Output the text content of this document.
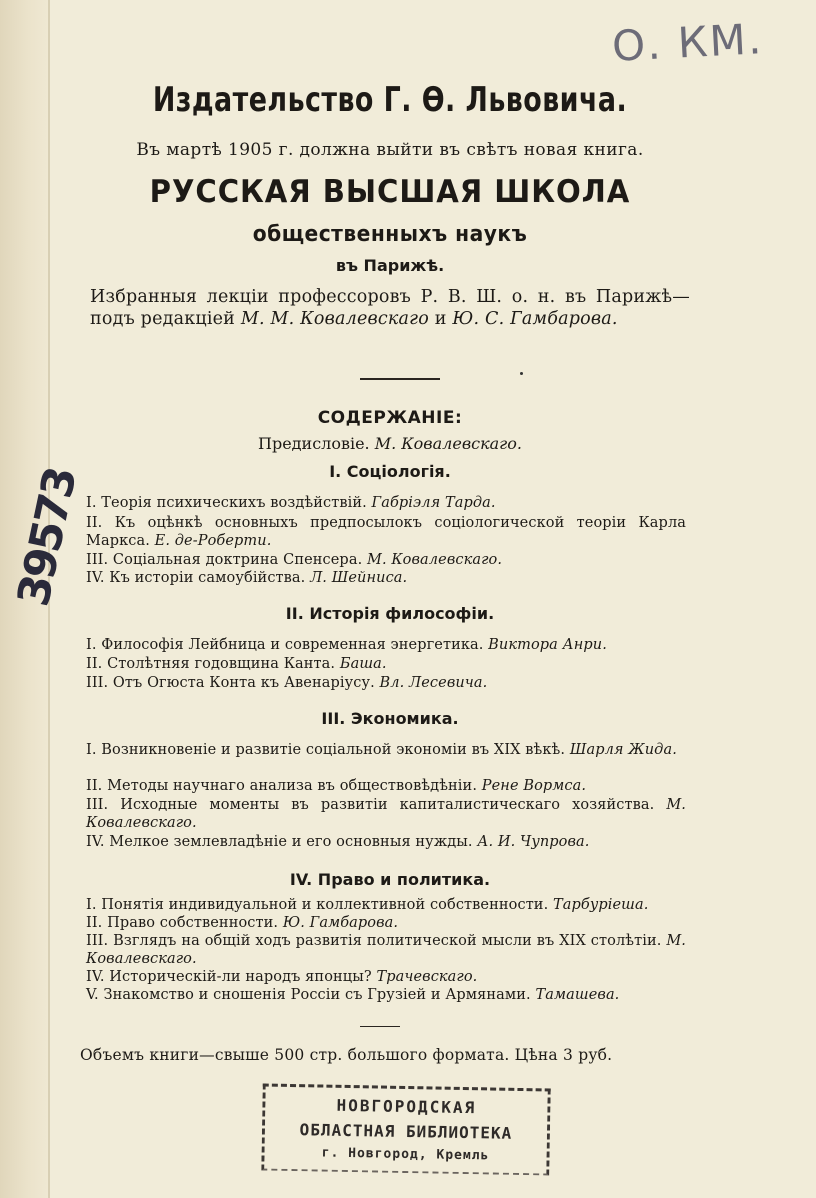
О. КМ.
39573
Издательство Г. Ѳ. Львовича.
Въ мартѣ 1905 г. должна выйти въ свѣтъ новая книга.
РУССКАЯ ВЫСШАЯ ШКОЛА
общественныхъ наукъ
въ Парижѣ.
Избранныя лекціи профессоровъ Р. В. Ш. о. н. въ Парижѣ—подъ редакціей М. М. Ковалевскаго и Ю. С. Гамбарова.
СОДЕРЖАНІЕ:
Предисловіе. М. Ковалевскаго.
I. Соціологія.
I. Теорія психическихъ воздѣйствій. Габріэля Тарда.
II. Къ оцѣнкѣ основныхъ предпосылокъ соціологической теоріи Карла Маркса. Е. де-Роберти.
III. Соціальная доктрина Спенсера. М. Ковалевскаго.
IV. Къ исторіи самоубійства. Л. Шейниса.
II. Исторія философіи.
I. Философія Лейбница и современная энергетика. Виктора Анри.
II. Столѣтняя годовщина Канта. Баша.
III. Отъ Огюста Конта къ Авенаріусу. Вл. Лесевича.
III. Экономика.
I. Возникновеніе и развитіе соціальной экономіи въ XIX вѣкѣ. Шарля Жида.
II. Методы научнаго анализа въ обществовѣдѣніи. Рене Вормса.
III. Исходные моменты въ развитіи капиталистическаго хозяйства. М. Ковалевскаго.
IV. Мелкое землевладѣніе и его основныя нужды. А. И. Чупрова.
IV. Право и политика.
I. Понятія индивидуальной и коллективной собственности. Тарбуріеша.
II. Право собственности. Ю. Гамбарова.
III. Взглядъ на общій ходъ развитія политической мысли въ XIX столѣтіи. М. Ковалевскаго.
IV. Историческій-ли народъ японцы? Трачевскаго.
V. Знакомство и сношенія Россіи съ Грузіей и Армянами. Тамашева.
Объемъ книги—свыше 500 стр. большого формата. Цѣна 3 руб.
НОВГОРОДСКАЯ
ОБЛАСТНАЯ БИБЛИОТЕКА
г. Новгород, Кремль
